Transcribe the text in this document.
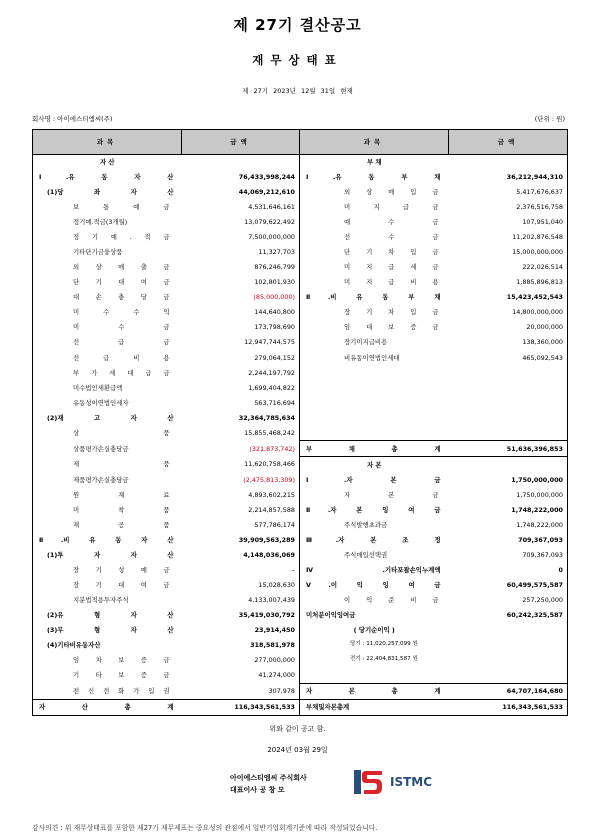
제 27기 결산공고
재무상태표
제 27기 2023년 12월 31일 현재
회사명 : 아이에스티엠씨(주)	(단위 : 원)
과목	금액	과목	금액
자 산		부 채	
Ⅰ.유 동 자 산	76,433,998,244	Ⅰ.유 동 부 채	36,212,944,310
(1)당 좌 자 산	44,069,212,610	외 상 매 입 금	5,417,676,637
보 통 예 금	4,531,646,161	미 지 급 금	2,376,516,758
정기예.적금(3개월)	13,079,622,492	예 수 금	107,951,040
정 기 예 . 적 금	7,500,000,000	선 수 금	11,202,876,548
기타단기금융상품	11,327,703	단 기 차 입 금	15,000,000,000
외 상 매 출 금	876,246,799	미 지 급 세 금	222,026,514
단 기 대 여 금	102,801,930	미 지 급 비 용	1,885,896,813
대 손 충 당 금	(85,000,000)	Ⅱ.비 유 동 부 채	15,423,452,543
미 수 수 익	144,640,800	장 기 차 입 금	14,800,000,000
미 수 금	173,798,690	임 대 보 증 금	20,000,000
선 급 금	12,947,744,575	장기미지급비용	138,360,000
선 급 비 용	279,064,152	비유동이연법인세대	465,092,543
부 가 세 대 급 금	2,244,197,792		
미수법인세환급액	1,699,404,822		
유동성이연법인세자	563,716,694		
(2)재 고 자 산	32,364,785,634		
상 품	15,855,468,242		
상품평가손실충당금	(321,873,742)	부 채 총 계	51,636,396,853
제 품	11,620,758,466	자 본	
제품평가손실충당금	(2,475,813,309)	Ⅰ.자 본 금	1,750,000,000
원 재 료	4,893,602,215	자 본 금	1,750,000,000
미 착 품	2,214,857,588	Ⅱ.자 본 잉 여 금	1,748,222,000
재 공 품	577,786,174	주식발행초과금	1,748,222,000
Ⅱ.비 유 동 자 산	39,909,563,289	Ⅲ.자 본 조 정	709,367,093
(1)투 자 자 산	4,148,036,069	주식매입선택권	709,367,093
장 기 성 예 금	–	Ⅳ.기타포괄손익누계액	0
장 기 대 여 금	15,028,630	Ⅴ.이 익 잉 여 금	60,499,575,587
지분법적용투자주식	4,133,007,439	이 익 준 비 금	257,250,000
(2)유 형 자 산	35,419,030,792	미처분이익잉여금	60,242,325,587
(3)무 형 자 산	23,914,450	( 당기순이익 )	
(4)기타비유동자산	318,581,978	당기 : 11,020,257,099 원	
임 차 보 증 금	277,000,000	전기 : 22,404,831,587 원	
기 타 보 증 금	41,274,000		
전 신 전 화 가 입 권	307,978	자 본 총 계	64,707,164,680
자 산 총 계	116,343,561,533	부채및자본총계	116,343,561,533
위와 같이 공고 함.
2024년 03월 29일
아이에스티엠씨 주식회사
대표이사 공 창 모
ISTMC
감사의견 : 위 재무상태표를 포함한 제27기 재무제표는 중요성의 관점에서 일반기업회계기준에 따라 작성되었습니다.
